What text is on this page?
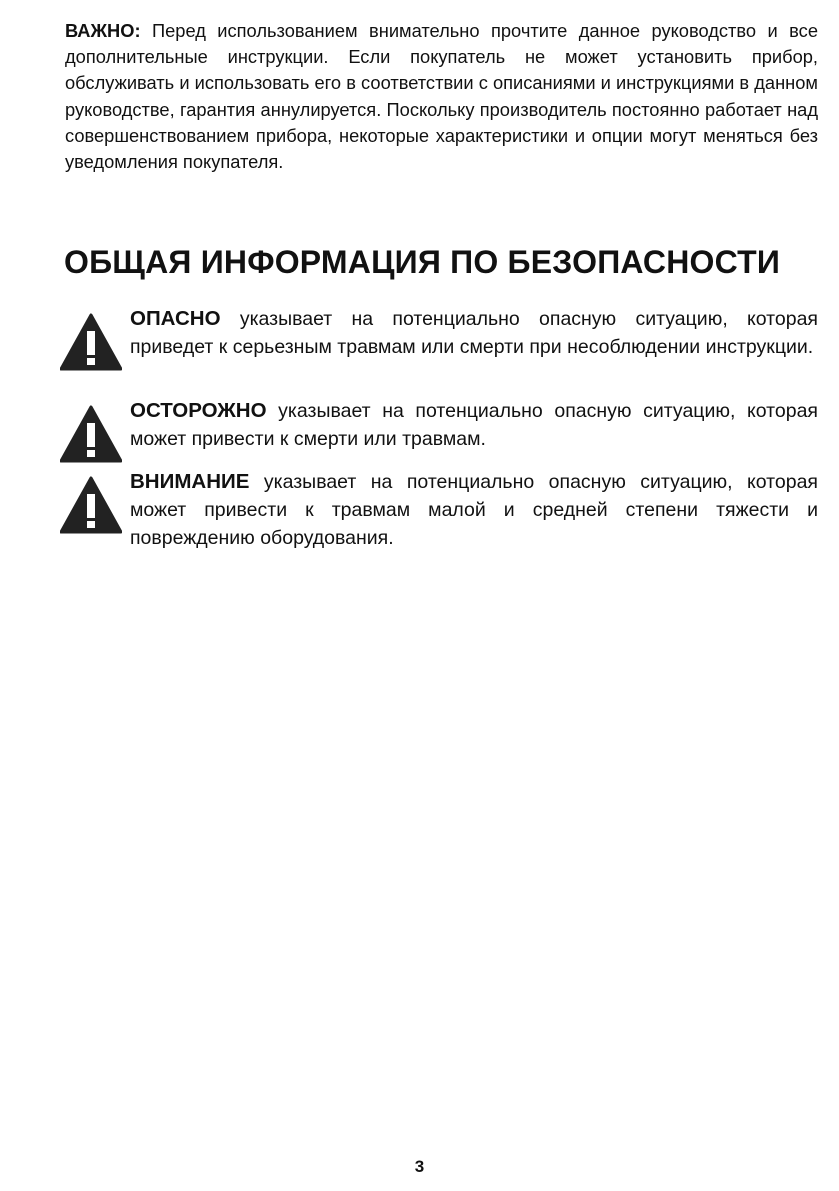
ВАЖНО: Перед использованием внимательно прочтите данное руководство и все дополнительные инструкции. Если покупатель не может установить прибор, обслуживать и использовать его в соответствии с описаниями и инструкциями в данном руководстве, гарантия аннулируется. Поскольку производитель постоянно работает над совершенствованием прибора, некоторые характеристики и опции могут меняться без уведомления покупателя.
ОБЩАЯ ИНФОРМАЦИЯ ПО БЕЗОПАСНОСТИ

ОПАСНО указывает на потенциально опасную ситуацию, которая приведет к серьезным травмам или смерти при несоблюдении инструкции.

ОСТОРОЖНО указывает на потенциально опасную ситуацию, которая может привести к смерти или травмам.

ВНИМАНИЕ указывает на потенциально опасную ситуацию, которая может привести к травмам малой и средней степени тяжести и повреждению оборудования.

3
